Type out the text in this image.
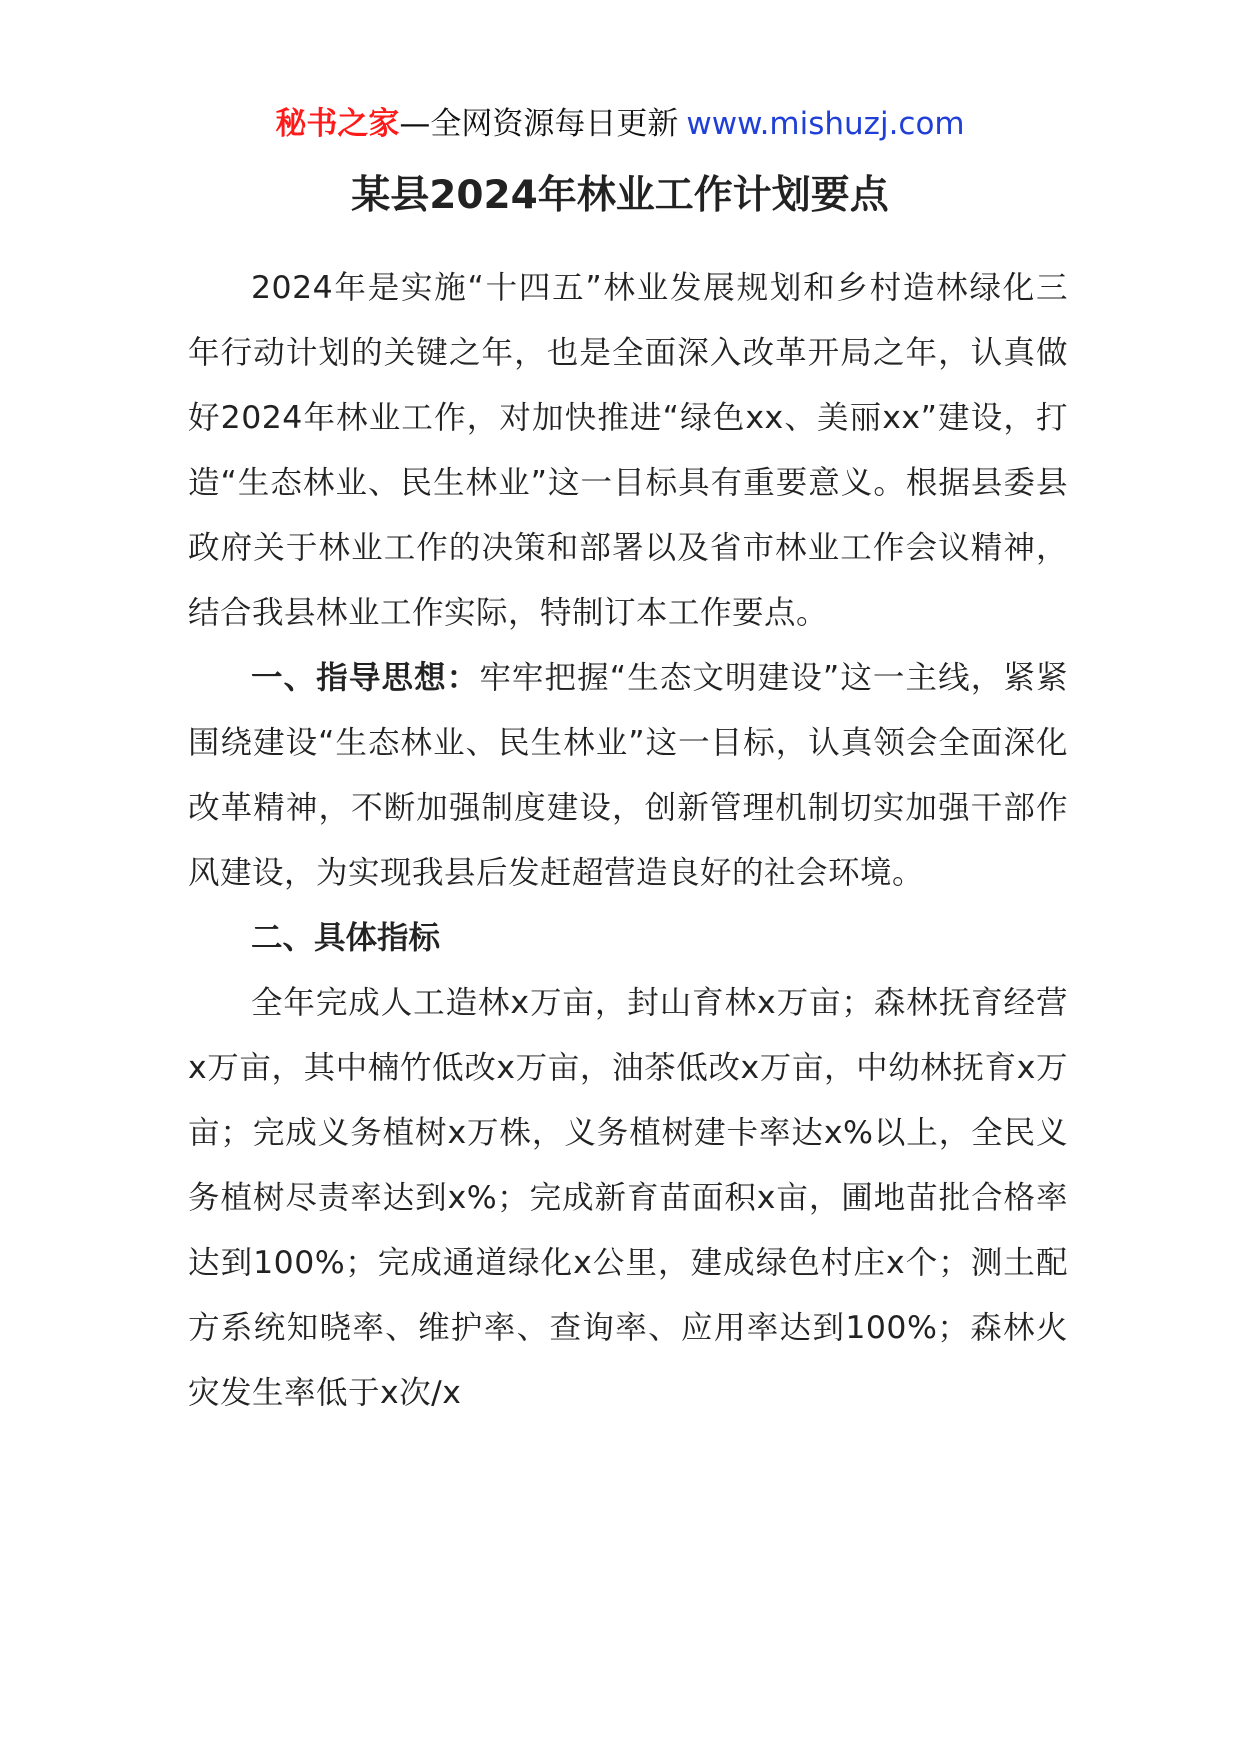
秘书之家—全网资源每日更新 www.mishuzj.com
某县2024年林业工作计划要点

2024年是实施“十四五”林业发展规划和乡村造林绿化三年行动计划的关键之年，也是全面深入改革开局之年，认真做好2024年林业工作，对加快推进“绿色xx、美丽xx”建设，打造“生态林业、民生林业”这一目标具有重要意义。根据县委县政府关于林业工作的决策和部署以及省市林业工作会议精神，结合我县林业工作实际，特制订本工作要点。

一、指导思想：牢牢把握“生态文明建设”这一主线，紧紧围绕建设“生态林业、民生林业”这一目标，认真领会全面深化改革精神，不断加强制度建设，创新管理机制切实加强干部作风建设，为实现我县后发赶超营造良好的社会环境。

二、具体指标

全年完成人工造林x万亩，封山育林x万亩；森林抚育经营x万亩，其中楠竹低改x万亩，油茶低改x万亩，中幼林抚育x万亩；完成义务植树x万株，义务植树建卡率达x%以上，全民义务植树尽责率达到x%；完成新育苗面积x亩，圃地苗批合格率达到100%；完成通道绿化x公里，建成绿色村庄x个；测土配方系统知晓率、维护率、查询率、应用率达到100%；森林火灾发生率低于x次/x
